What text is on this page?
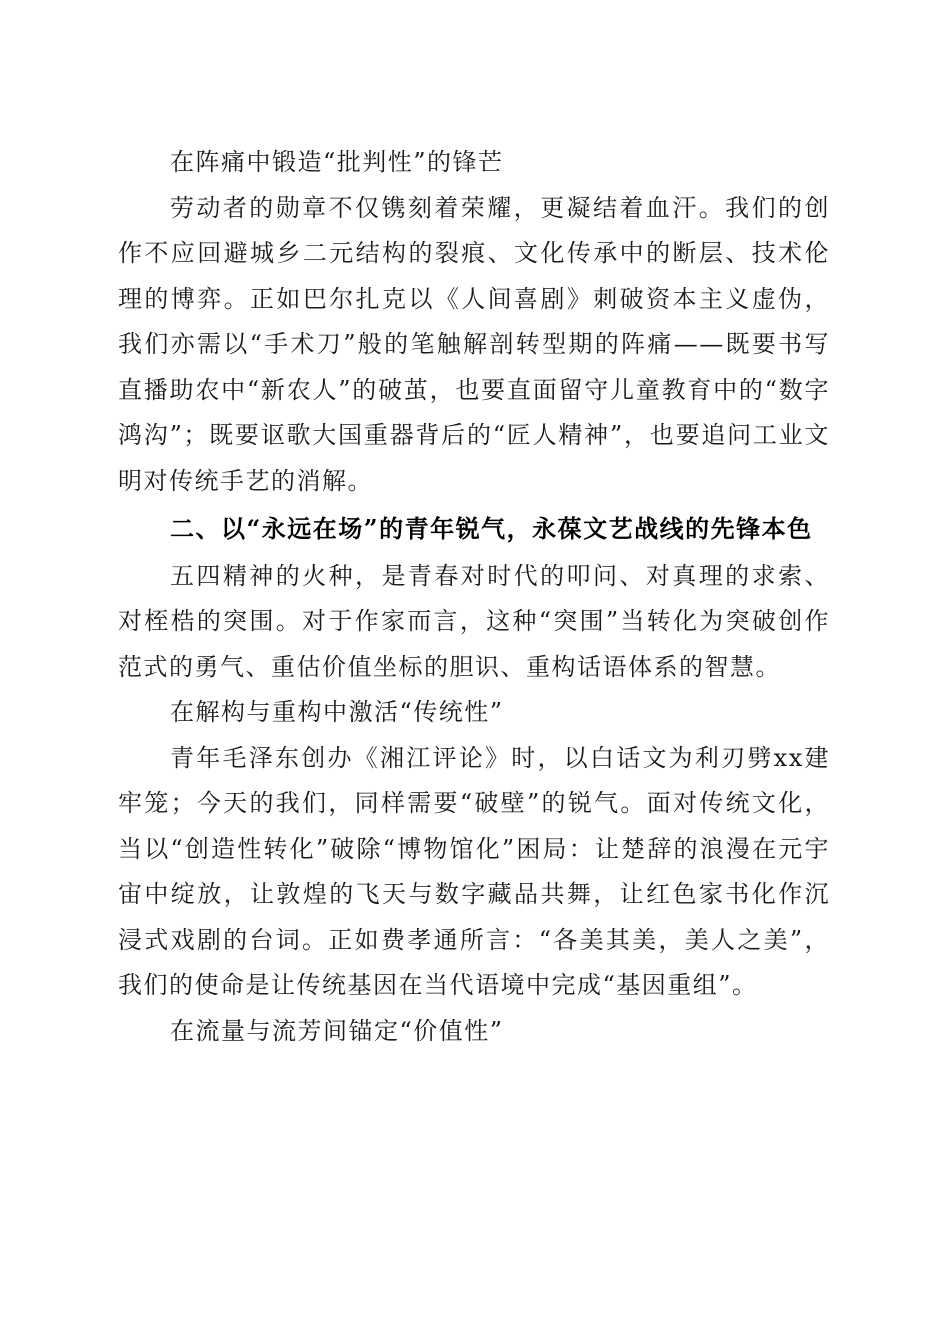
在阵痛中锻造“批判性”的锋芒

劳动者的勋章不仅镌刻着荣耀，更凝结着血汗。我们的创作不应回避城乡二元结构的裂痕、文化传承中的断层、技术伦理的博弈。正如巴尔扎克以《人间喜剧》刺破资本主义虚伪，我们亦需以“手术刀”般的笔触解剖转型期的阵痛——既要书写直播助农中“新农人”的破茧，也要直面留守儿童教育中的“数字鸿沟”；既要讴歌大国重器背后的“匠人精神”，也要追问工业文明对传统手艺的消解。

二、以“永远在场”的青年锐气，永葆文艺战线的先锋本色

五四精神的火种，是青春对时代的叩问、对真理的求索、对桎梏的突围。对于作家而言，这种“突围”当转化为突破创作范式的勇气、重估价值坐标的胆识、重构话语体系的智慧。

在解构与重构中激活“传统性”

青年毛泽东创办《湘江评论》时，以白话文为利刃劈xx建牢笼；今天的我们，同样需要“破壁”的锐气。面对传统文化，当以“创造性转化”破除“博物馆化”困局：让楚辞的浪漫在元宇宙中绽放，让敦煌的飞天与数字藏品共舞，让红色家书化作沉浸式戏剧的台词。正如费孝通所言：“各美其美，美人之美”，我们的使命是让传统基因在当代语境中完成“基因重组”。

在流量与流芳间锚定“价值性”
